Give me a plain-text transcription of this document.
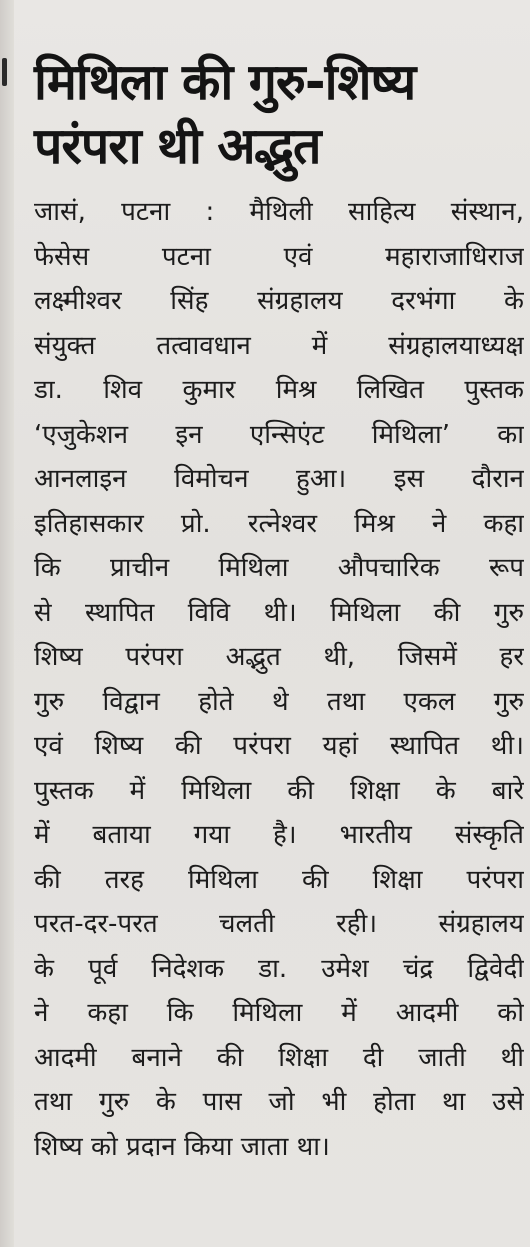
मिथिला की गुरु-शिष्य
परंपरा थी अद्भुत
जासं, पटना : मैथिली साहित्य संस्थान,
फेसेस पटना एवं महाराजाधिराज
लक्ष्मीश्वर सिंह संग्रहालय दरभंगा के
संयुक्त तत्वावधान में संग्रहालयाध्यक्ष
डा. शिव कुमार मिश्र लिखित पुस्तक
‘एजुकेशन इन एन्सिएंट मिथिला’ का
आनलाइन विमोचन हुआ। इस दौरान
इतिहासकार प्रो. रत्नेश्वर मिश्र ने कहा
कि प्राचीन मिथिला औपचारिक रूप
से स्थापित विवि थी। मिथिला की गुरु
शिष्य परंपरा अद्भुत थी, जिसमें हर
गुरु विद्वान होते थे तथा एकल गुरु
एवं शिष्य की परंपरा यहां स्थापित थी।
पुस्तक में मिथिला की शिक्षा के बारे
में बताया गया है। भारतीय संस्कृति
की तरह मिथिला की शिक्षा परंपरा
परत-दर-परत चलती रही। संग्रहालय
के पूर्व निदेशक डा. उमेश चंद्र द्विवेदी
ने कहा कि मिथिला में आदमी को
आदमी बनाने की शिक्षा दी जाती थी
तथा गुरु के पास जो भी होता था उसे
शिष्य को प्रदान किया जाता था।
